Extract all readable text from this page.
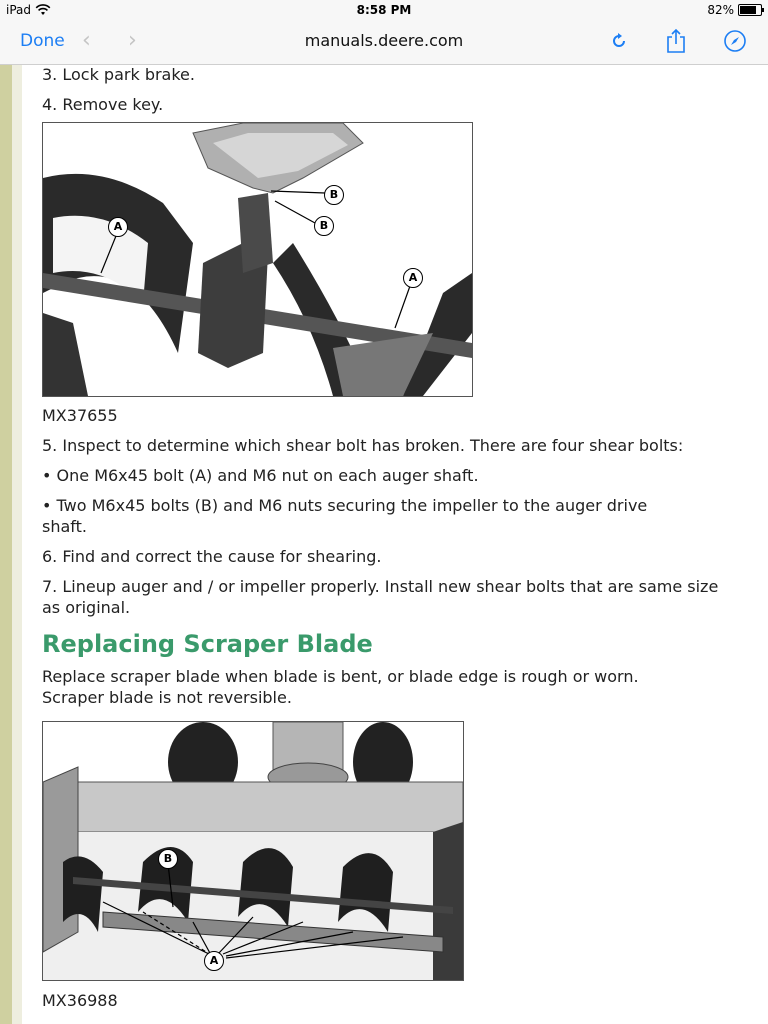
iPad	8:58 PM	82%
Done ‹ ›	manuals.deere.com

3. Lock park brake.

4. Remove key.

A
B
B
A

MX37655

5. Inspect to determine which shear bolt has broken. There are four shear bolts:

• One M6x45 bolt (A) and M6 nut on each auger shaft.

• Two M6x45 bolts (B) and M6 nuts securing the impeller to the auger drive shaft.

6. Find and correct the cause for shearing.

7. Lineup auger and / or impeller properly. Install new shear bolts that are same size as original.

Replacing Scraper Blade

Replace scraper blade when blade is bent, or blade edge is rough or worn. Scraper blade is not reversible.

B
A
MX36988
